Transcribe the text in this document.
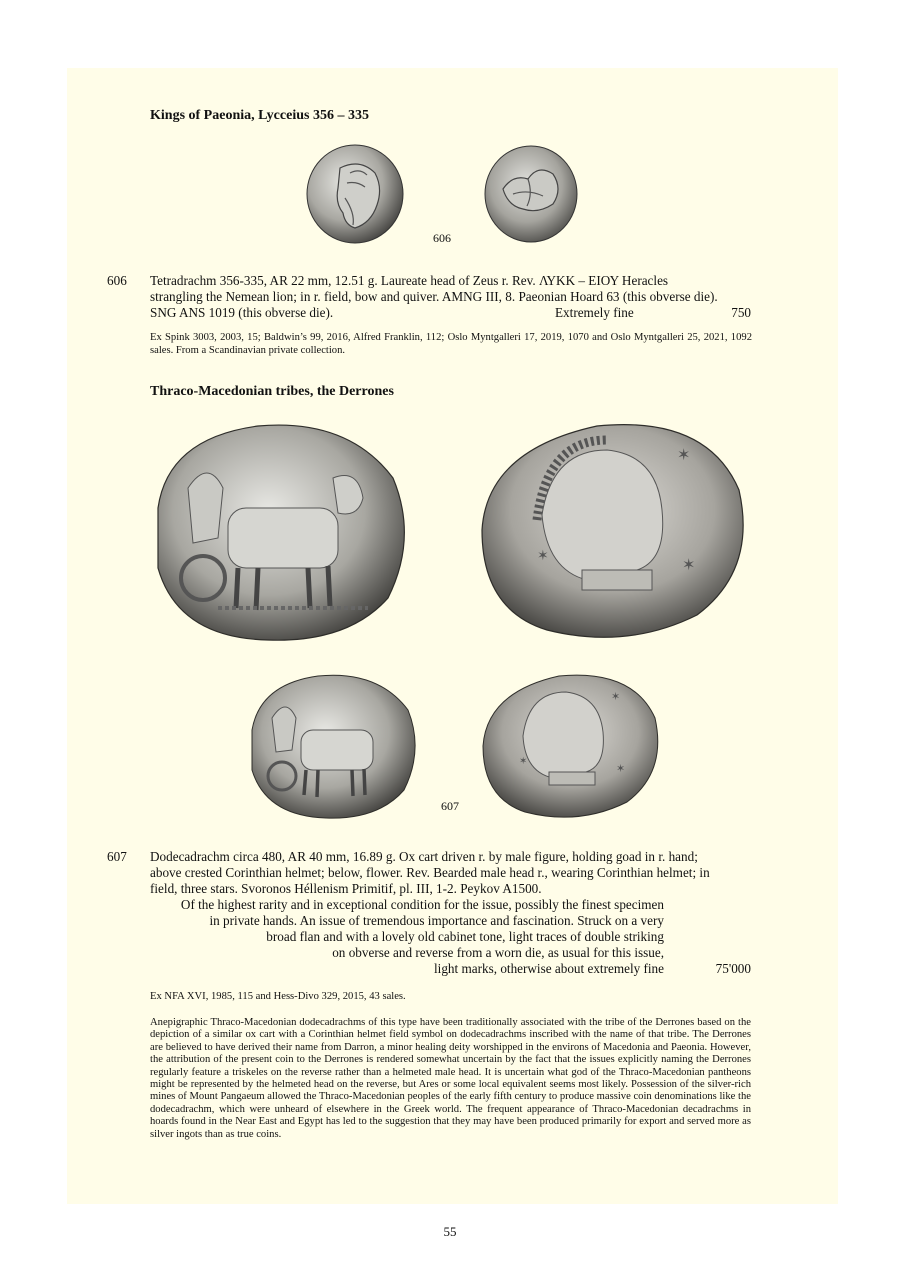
Kings of Paeonia, Lycceius 356 – 335
606
606 Tetradrachm 356-335, AR 22 mm, 12.51 g. Laureate head of Zeus r. Rev. ΛΥΚΚ – ΕΙΟΥ Heracles
strangling the Nemean lion; in r. field, bow and quiver. AMNG III, 8. Paeonian Hoard 63 (this obverse die).
SNG ANS 1019 (this obverse die).	Extremely fine	750
Ex Spink 3003, 2003, 15; Baldwin’s 99, 2016, Alfred Franklin, 112; Oslo Myntgalleri 17, 2019, 1070 and Oslo Myntgalleri 25, 2021, 1092 sales. From a Scandinavian private collection.
Thraco-Macedonian tribes, the Derrones
✶
✶
✶
✶
✶
✶
607
607 Dodecadrachm circa 480, AR 40 mm, 16.89 g. Ox cart driven r. by male figure, holding goad in r. hand;
above crested Corinthian helmet; below, flower. Rev. Bearded male head r., wearing Corinthian helmet; in
field, three stars. Svoronos Héllenism Primitif, pl. III, 1-2. Peykov A1500.
Of the highest rarity and in exceptional condition for the issue, possibly the finest specimen
in private hands. An issue of tremendous importance and fascination. Struck on a very
broad flan and with a lovely old cabinet tone, light traces of double striking
on obverse and reverse from a worn die, as usual for this issue,
light marks, otherwise about extremely fine	75'000
Ex NFA XVI, 1985, 115 and Hess-Divo 329, 2015, 43 sales.
Anepigraphic Thraco-Macedonian dodecadrachms of this type have been traditionally associated with the tribe of the Derrones based on the depiction of a similar ox cart with a Corinthian helmet field symbol on dodecadrachms inscribed with the name of that tribe. The Derrones are believed to have derived their name from Darron, a minor healing deity worshipped in the environs of Macedonia and Paeonia. However, the attribution of the present coin to the Derrones is rendered somewhat uncertain by the fact that the issues explicitly naming the Derrones regularly feature a triskeles on the reverse rather than a helmeted male head. It is uncertain what god of the Thraco-Macedonian pantheons might be represented by the helmeted head on the reverse, but Ares or some local equivalent seems most likely. Possession of the silver-rich mines of Mount Pangaeum allowed the Thraco-Macedonian peoples of the early fifth century to produce massive coin denominations like the dodecadrachm, which were unheard of elsewhere in the Greek world. The frequent appearance of Thraco-Macedonian decadrachms in hoards found in the Near East and Egypt has led to the suggestion that they may have been produced primarily for export and served more as silver ingots than as true coins.
55
